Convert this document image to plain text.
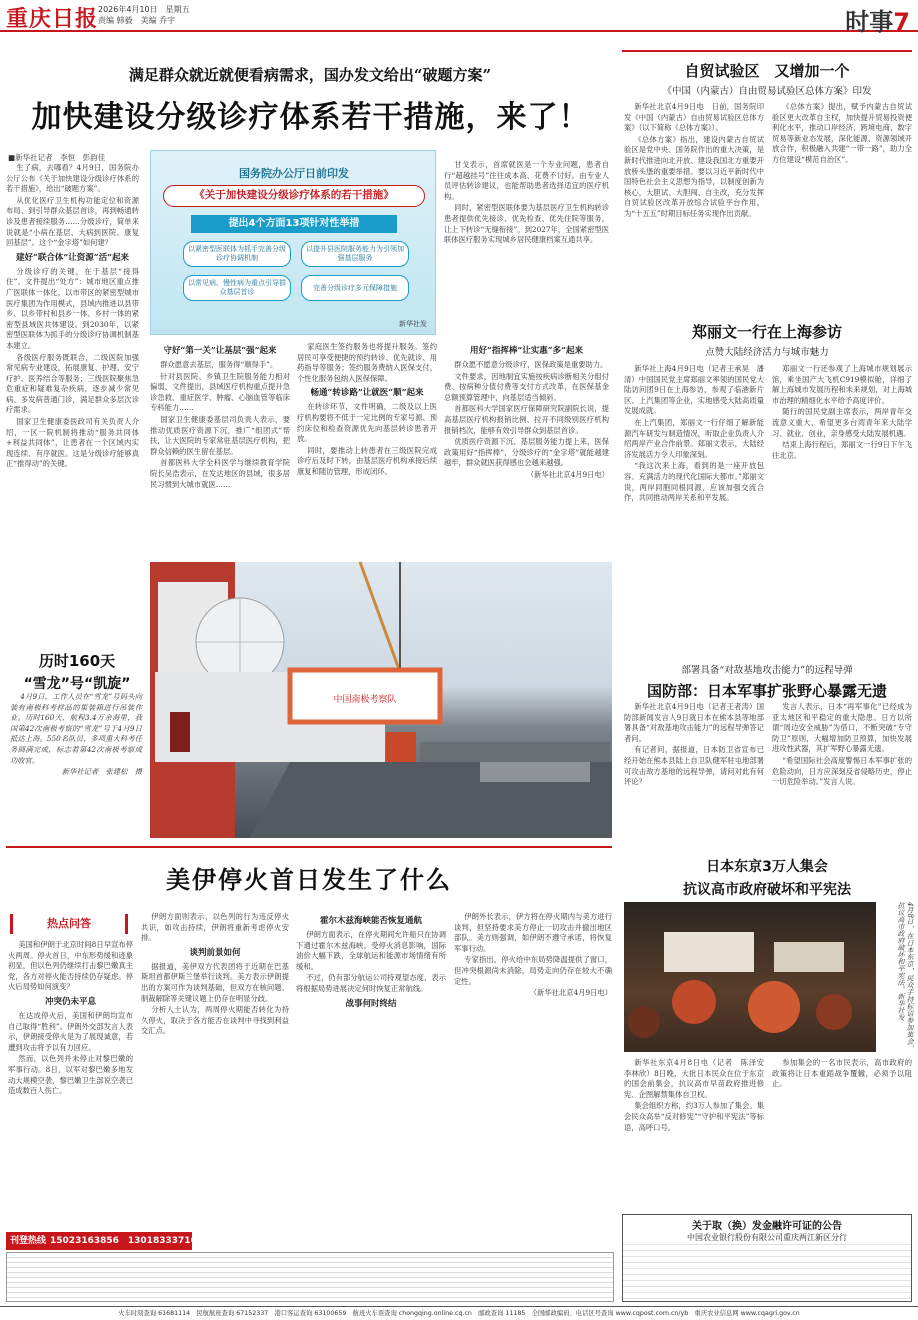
重庆日报 2026年4月10日　星期五
责编 韩毅　美编 乔宇	时事7
满足群众就近就便看病需求，国办发文给出“破题方案”
加快建设分级诊疗体系若干措施，来了！
■新华社记者　李恒　彭韵佳

生了病，去哪看？4月9日，国务院办公厅公布《关于加快建设分级诊疗体系的若干措施》，给出“破题方案”。

从优化医疗卫生机构功能定位和资源布局、到引导群众基层首诊，再到畅通转诊及患者接续服务……分级诊疗，简单来说就是“小病在基层、大病到医院、康复回基层”。这个“金字塔”如何建？

建好“联合体”让资源“活”起来

分级诊疗的关键，在于基层“接得住”。文件提出“处方”：城市地区重点推广医联体一体化，以市带区的紧密型城市医疗集团为作用模式，县域内推进以县带乡、以乡带村和县乡一体、乡村一体的紧密型县域医共体建设。到2030年，以紧密型医联体为抓手的分级诊疗协调机制基本建立。

各级医疗服务既联合，二级医院加强常见病专业建设，拓展康复、护理、安宁疗护、医养结合等服务；三级医院聚焦急危重症和疑难复杂疾病，逐步减少常见病、多发病普通门诊，满足群众多层次诊疗需求。

国家卫生健康委医政司有关负责人介绍，一区一院机制将推动“服务共同体+利益共同体”，让患者在一个区域内实现连续、有序就医。这是分级诊疗能够真正“推得动”的关键。

国务院办公厅日前印发
《关于加快建设分级诊疗体系的若干措施》
提出4个方面13项针对性举措
以紧密型医联体为抓手完善分级诊疗协调机制
以提升县医院服务能力为引领加强基层服务
以常见病、慢性病为重点引导群众基层首诊
完善分级诊疗多元保障措施
新华社发

甘戈表示，首席就医是一个专业问题，患者自行“超越挂号”往往成本高、花费不讨好。由专业人员评估转诊建议，也能帮助患者选择适宜的医疗机构。

同时，紧密型医联体要为基层医疗卫生机构转诊患者提供优先接诊、优先检查、优先住院等服务，让上下转诊“无缝衔接”。到2027年，全国紧密型医联体医疗服务实现城乡居民健康档案互通共享。

守好“第一关”让基层“强”起来

群众愿意去基层，服务得“顺得手”。

针对县医院、乡镇卫生院服务能力相对偏弱，文件提出，县域医疗机构重点提升急诊急救、重症医学、肿瘤、心脑血管等临床专科能力……

国家卫生健康委基层司负责人表示，要推动优质医疗资源下沉，推广“组团式”帮扶，让大医院的专家常驻基层医疗机构，把群众信赖的医生留在基层。

首都医科大学全科医学与继续教育学院院长吴浩表示，在发达地区的县域，很多居民习惯到大城市就医……

家庭医生签约服务也将提升服务。签约居民可享受便捷的预约转诊、优先就诊、用药指导等服务；签约服务费纳入医保支付，个性化服务包纳入医保保障。

畅通“转诊路”让就医“顺”起来

在转诊环节，文件明确，二级及以上医疗机构要将不低于一定比例的专家号源、预约床位和检查资源优先向基层转诊患者开放。

同时，要推动上转患者在三级医院完成诊疗后及时下转，由基层医疗机构承接后续康复和随访管理，形成闭环。

用好“指挥棒”让实惠“多”起来

群众愿不愿意分级诊疗，医保政策是重要助力。

文件要求，因地制宜实施按疾病诊断相关分组付费、按病种分值付费等支付方式改革，在医保基金总额预算管理中，向基层适当倾斜。

首都医科大学国家医疗保障研究院副院长说，提高基层医疗机构报销比例、拉开不同级别医疗机构报销档次，能够有效引导群众到基层首诊。

优质医疗资源下沉、基层服务能力提上来，医保政策用好“指挥棒”，分级诊疗的“金字塔”就能越建越牢，群众就医获得感也会越来越强。

（新华社北京4月9日电）

历时160天
“雪龙”号“凯旋”

4月9日，工作人员在“雪龙”号码头向装有南极科考样品的集装箱进行吊装作业。历时160天、航程3.4万余海里，我国第42次南极考察的“雪龙”号于4月9日抵达上海。550名队员、多项重大科考任务圆满完成，标志着第42次南极考察成功收官。

新华社记者　张建松　摄

中国南极考察队
自贸试验区　又增加一个
《中国（内蒙古）自由贸易试验区总体方案》印发

新华社北京4月9日电　日前，国务院印发《中国（内蒙古）自由贸易试验区总体方案》（以下简称《总体方案》）。

《总体方案》指出，建设内蒙古自贸试验区是党中央、国务院作出的重大决策，是新时代推进向北开放、建设我国北方重要开放桥头堡的重要举措。要以习近平新时代中国特色社会主义思想为指导，以制度创新为核心，大胆试、大胆闯、自主改，充分发挥自贸试验区改革开放综合试验平台作用，为“十五五”时期目标任务实现作出贡献。

《总体方案》提出，赋予内蒙古自贸试验区更大改革自主权，加快提升贸易投资便利化水平，推动口岸经济、跨境电商、数字贸易等新业态发展，深化能源、资源领域开放合作，积极融入共建“一带一路”，助力全方位建设“模范自治区”。

郑丽文一行在上海参访
点赞大陆经济活力与城市魅力

新华社上海4月9日电（记者王承昊　潘清）中国国民党主席郑丽文率领的国民党大陆访问团9日在上海参访，参观了临港新片区、上汽集团等企业，实地感受大陆高质量发展成就。

在上汽集团，郑丽文一行仔细了解新能源汽车研发与制造情况，听取企业负责人介绍两岸产业合作前景。郑丽文表示，大陆经济发展活力令人印象深刻。

“我这次来上海，看到的是一座开放包容、充满活力的现代化国际大都市。”郑丽文说，两岸同胞同根同源，应该加强交流合作，共同推动两岸关系和平发展。

郑丽文一行还参观了上海城市规划展示馆，乘坐国产大飞机C919模拟舱，详细了解上海城市发展历程和未来规划，对上海城市治理的精细化水平给予高度评价。

随行的国民党副主席表示，两岸青年交流意义重大，希望更多台湾青年来大陆学习、就业、创业，亲身感受大陆发展机遇。

结束上海行程后，郑丽文一行9日下午飞往北京。

部署具备“对敌基地攻击能力”的远程导弹
国防部：日本军事扩张野心暴露无遗

新华社北京4月9日电（记者王者涛）国防部新闻发言人9日就日本在熊本县等地部署具备“对敌基地攻击能力”的远程导弹答记者问。

有记者问，据报道，日本防卫省宣布已经开始在熊本县陆上自卫队健军驻屯地部署可攻击敌方基地的远程导弹，请问对此有何评论？

发言人表示，日本“再军事化”已经成为亚太地区和平稳定的重大隐患。日方以所谓“周边安全威胁”为借口，不断突破“专守防卫”原则，大幅增加防卫预算，加快发展进攻性武器，其扩军野心暴露无遗。

“希望国际社会高度警惕日本军事扩张的危险动向，日方应深刻反省侵略历史，停止一切危险举动。”发言人说。

美伊停火首日发生了什么
热点问答

美国和伊朗于北京时间8日早宣布停火两周。停火首日，中东形势缓和迹象初显，但以色列仍继续打击黎巴嫩真主党，各方对停火能否持续仍存疑虑。停火后局势如何演变？

冲突仍未平息

在达成停火后，美国和伊朗均宣布自己取得“胜利”。伊朗外交部发言人表示，伊朗接受停火是为了展现诚意，若遭到攻击将予以有力回应。

然而，以色列并未停止对黎巴嫩的军事行动。8日，以军对黎巴嫩多地发动大规模空袭，黎巴嫩卫生部说空袭已造成数百人伤亡。

伊朗方面则表示，以色列的行为违反停火共识，如攻击持续，伊朗将重新考虑停火安排。

谈判前景如何

据报道，美伊双方代表团将于近期在巴基斯坦首都伊斯兰堡举行谈判。美方表示伊朗提出的方案可作为谈判基础，但双方在核问题、制裁解除等关键议题上仍存在明显分歧。

分析人士认为，两周停火期能否转化为持久停火，取决于各方能否在谈判中寻找到利益交汇点。

霍尔木兹海峡能否恢复通航

伊朗方面表示，在停火期间允许船只在协调下通过霍尔木兹海峡。受停火消息影响，国际油价大幅下跌，全球航运和能源市场情绪有所缓和。

不过，仍有部分航运公司持观望态度，表示将根据局势进展决定何时恢复正常航线。

战事何时终结

伊朗外长表示，伊方将在停火期内与美方进行谈判，但坚持要求美方停止一切攻击并撤出地区部队。美方则强调，如伊朗不遵守承诺，将恢复军事行动。

专家指出，停火给中东局势降温提供了窗口，但冲突根源尚未消除，局势走向仍存在较大不确定性。

（新华社北京4月9日电）

日本东京3万人集会
抗议高市政府破坏和平宪法
4月8日，在日本东京，民众手持标语参加集会，抗议高市政府破坏和平宪法。新华社发

新华社东京4月8日电（记者　陈泽安　李林欣）8日晚，大批日本民众在位于东京的国会前集会，抗议高市早苗政府推进修宪、企图解禁集体自卫权。

集会组织方称，约3万人参加了集会。集会民众高举“反对修宪”“守护和平宪法”等标语，高呼口号。

参加集会的一名市民表示，高市政府的政策将让日本重蹈战争覆辙，必须予以阻止。

刊登热线 15023163856　13018333716
关于取（换）发金融许可证的公告
中国农业银行股份有限公司重庆两江新区分行
火车时刻查询 61681114　民航航班查询 67152337　港口客运查询 63100659　航班火车票查询 chongqing.online.cq.cn　邮政查询 11185　全国邮政编码、电话区号查询 www.cqpost.com.cn/yb　重庆农业信息网 www.cqagri.gov.cn
